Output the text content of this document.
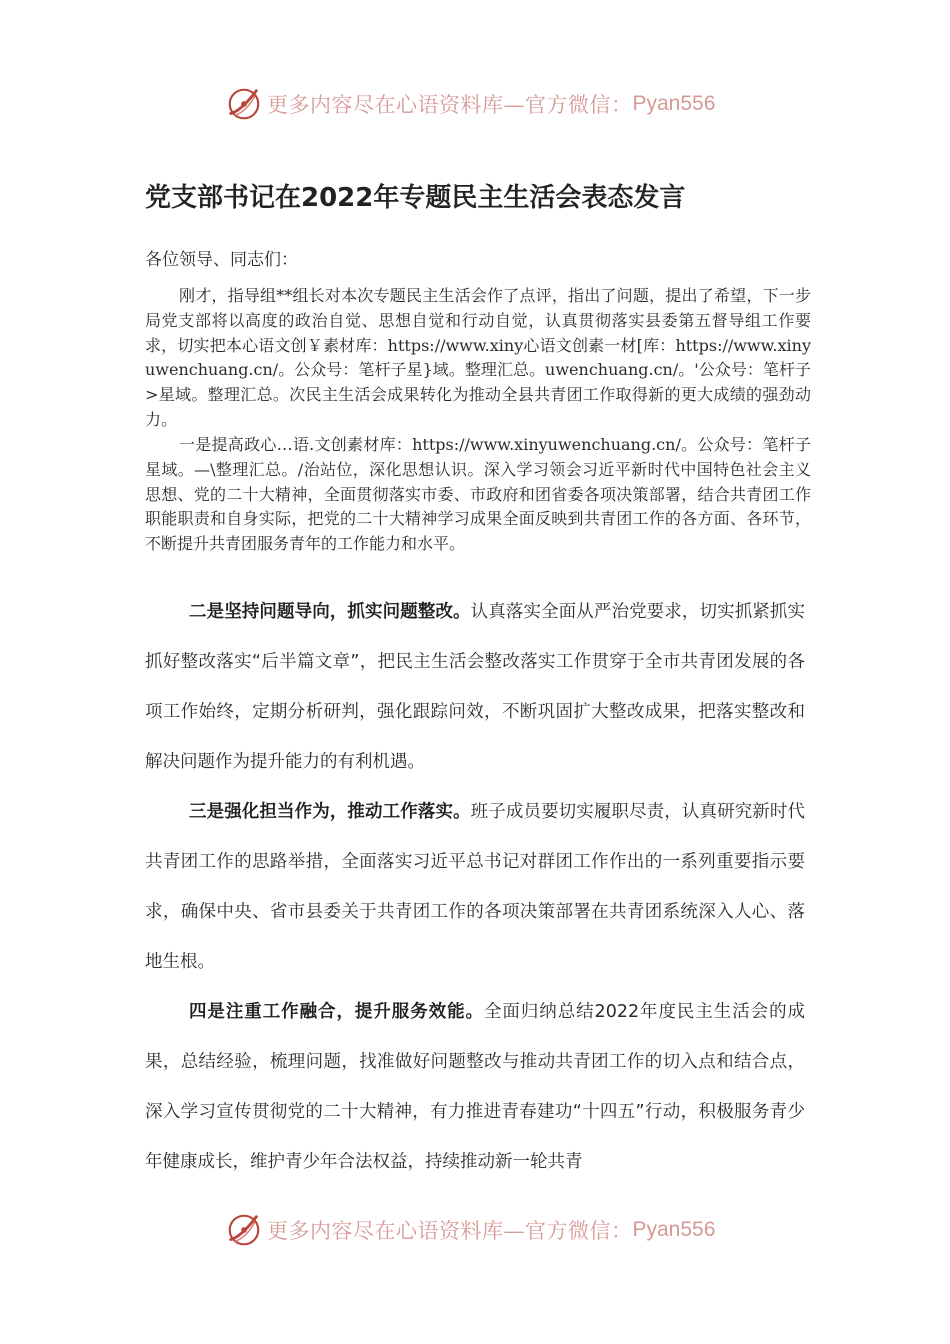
更多内容尽在心语资料库—官方微信： Pyan556
党支部书记在2022年专题民主生活会表态发言
各位领导、同志们：

刚才，指导组**组长对本次专题民主生活会作了点评，指出了问题，提出了希望，下一步局党支部将以高度的政治自觉、思想自觉和行动自觉，认真贯彻落实县委第五督导组工作要求，切实把本心语文创￥素材库：https://www.xiny心语文创素一材[库：https://www.xinyuwenchuang.cn/。公众号：笔杆子星}域。整理汇总。uwenchuang.cn/。'公众号：笔杆子>星域。整理汇总。次民主生活会成果转化为推动全县共青团工作取得新的更大成绩的强劲动力。

一是提高政心…语.文创素材库：https://www.xinyuwenchuang.cn/。公众号：笔杆子星域。—\整理汇总。/治站位，深化思想认识。深入学习领会习近平新时代中国特色社会主义思想、党的二十大精神，全面贯彻落实市委、市政府和团省委各项决策部署，结合共青团工作职能职责和自身实际，把党的二十大精神学习成果全面反映到共青团工作的各方面、各环节，不断提升共青团服务青年的工作能力和水平。

二是坚持问题导向，抓实问题整改。认真落实全面从严治党要求，切实抓紧抓实抓好整改落实“后半篇文章”，把民主生活会整改落实工作贯穿于全市共青团发展的各项工作始终，定期分析研判，强化跟踪问效，不断巩固扩大整改成果，把落实整改和解决问题作为提升能力的有利机遇。

三是强化担当作为，推动工作落实。班子成员要切实履职尽责，认真研究新时代共青团工作的思路举措，全面落实习近平总书记对群团工作作出的一系列重要指示要求，确保中央、省市县委关于共青团工作的各项决策部署在共青团系统深入人心、落地生根。

四是注重工作融合，提升服务效能。全面归纳总结2022年度民主生活会的成果，总结经验，梳理问题，找准做好问题整改与推动共青团工作的切入点和结合点，深入学习宣传贯彻党的二十大精神，有力推进青春建功“十四五”行动，积极服务青少年健康成长，维护青少年合法权益，持续推动新一轮共青

更多内容尽在心语资料库—官方微信： Pyan556
